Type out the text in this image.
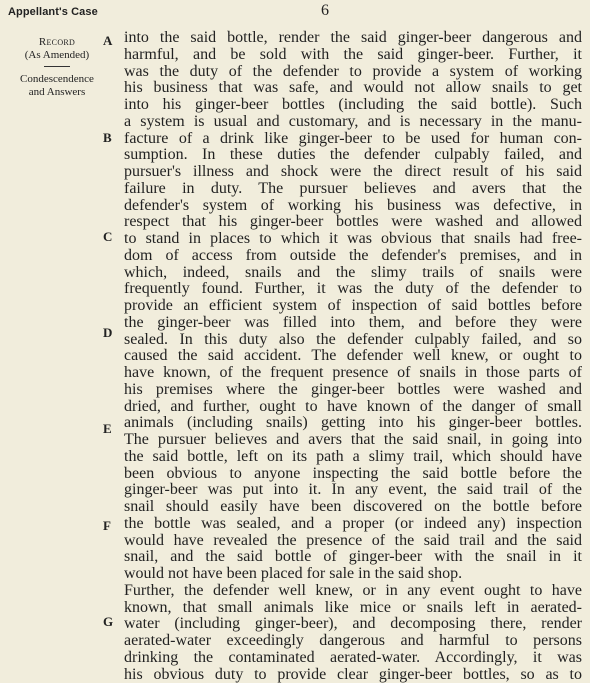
Appellant's Case	6
Record
(As Amended)
Condescendence
and Answers
A
B
C
D
E
F
G
into the said bottle, render the said ginger-beer dangerous and
harmful, and be sold with the said ginger-beer. Further, it
was the duty of the defender to provide a system of working
his business that was safe, and would not allow snails to get
into his ginger-beer bottles (including the said bottle). Such
a system is usual and customary, and is necessary in the manu-
facture of a drink like ginger-beer to be used for human con-
sumption. In these duties the defender culpably failed, and
pursuer's illness and shock were the direct result of his said
failure in duty. The pursuer believes and avers that the
defender's system of working his business was defective, in
respect that his ginger-beer bottles were washed and allowed
to stand in places to which it was obvious that snails had free-
dom of access from outside the defender's premises, and in
which, indeed, snails and the slimy trails of snails were
frequently found. Further, it was the duty of the defender to
provide an efficient system of inspection of said bottles before
the ginger-beer was filled into them, and before they were
sealed. In this duty also the defender culpably failed, and so
caused the said accident. The defender well knew, or ought to
have known, of the frequent presence of snails in those parts of
his premises where the ginger-beer bottles were washed and
dried, and further, ought to have known of the danger of small
animals (including snails) getting into his ginger-beer bottles.
The pursuer believes and avers that the said snail, in going into
the said bottle, left on its path a slimy trail, which should have
been obvious to anyone inspecting the said bottle before the
ginger-beer was put into it. In any event, the said trail of the
snail should easily have been discovered on the bottle before
the bottle was sealed, and a proper (or indeed any) inspection
would have revealed the presence of the said trail and the said
snail, and the said bottle of ginger-beer with the snail in it
would not have been placed for sale in the said shop.
Further, the defender well knew, or in any event ought to have
known, that small animals like mice or snails left in aerated-
water (including ginger-beer), and decomposing there, render
aerated-water exceedingly dangerous and harmful to persons
drinking the contaminated aerated-water. Accordingly, it was
his obvious duty to provide clear ginger-beer bottles, so as to
